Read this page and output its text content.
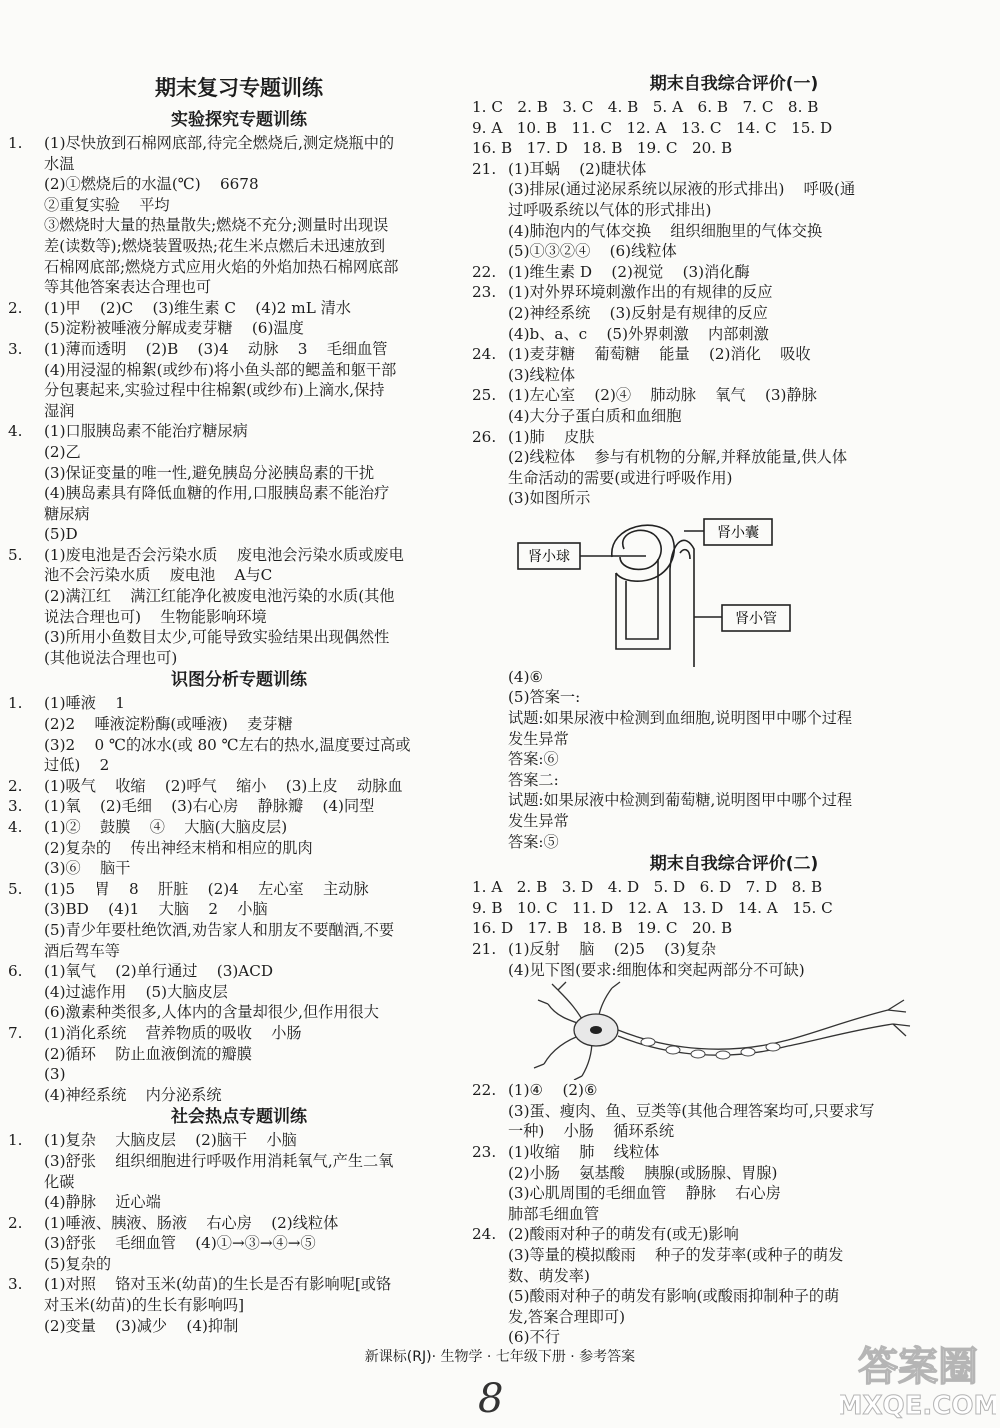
期末复习专题训练
实验探究专题训练
1.	(1)尽快放到石棉网底部,待完全燃烧后,测定烧瓶中的
水温
(2)①燃烧后的水温(℃)    6678
②重复实验    平均
③燃烧时大量的热量散失;燃烧不充分;测量时出现误
差(读数等);燃烧装置吸热;花生米点燃后未迅速放到
石棉网底部;燃烧方式应用火焰的外焰加热石棉网底部
等其他答案表达合理也可
2.	(1)甲    (2)C    (3)维生素 C    (4)2 mL 清水
(5)淀粉被唾液分解成麦芽糖    (6)温度
3.	(1)薄而透明    (2)B    (3)4    动脉    3    毛细血管
(4)用浸湿的棉絮(或纱布)将小鱼头部的鳃盖和躯干部
分包裹起来,实验过程中往棉絮(或纱布)上滴水,保持
湿润
4.	(1)口服胰岛素不能治疗糖尿病
(2)乙
(3)保证变量的唯一性,避免胰岛分泌胰岛素的干扰
(4)胰岛素具有降低血糖的作用,口服胰岛素不能治疗
糖尿病
(5)D
5.	(1)废电池是否会污染水质    废电池会污染水质或废电
池不会污染水质    废电池    A与C
(2)满江红    满江红能净化被废电池污染的水质(其他
说法合理也可)    生物能影响环境
(3)所用小鱼数目太少,可能导致实验结果出现偶然性
(其他说法合理也可)
识图分析专题训练
1.	(1)唾液    1
(2)2    唾液淀粉酶(或唾液)    麦芽糖
(3)2    0 ℃的冰水(或 80 ℃左右的热水,温度要过高或
过低)    2
2.	(1)吸气    收缩    (2)呼气    缩小    (3)上皮    动脉血
3.	(1)氧    (2)毛细    (3)右心房    静脉瓣    (4)同型
4.	(1)②    鼓膜    ④    大脑(大脑皮层)
(2)复杂的    传出神经末梢和相应的肌肉
(3)⑥    脑干
5.	(1)5    胃    8    肝脏    (2)4    左心室    主动脉
(3)BD    (4)1    大脑    2    小脑
(5)青少年要杜绝饮酒,劝告家人和朋友不要酗酒,不要
酒后驾车等
6.	(1)氧气    (2)单行通过    (3)ACD
(4)过滤作用    (5)大脑皮层
(6)激素种类很多,人体内的含量却很少,但作用很大
7.	(1)消化系统    营养物质的吸收    小肠
(2)循环    防止血液倒流的瓣膜
(3)
(4)神经系统    内分泌系统
社会热点专题训练
1.	(1)复杂    大脑皮层    (2)脑干    小脑
(3)舒张    组织细胞进行呼吸作用消耗氧气,产生二氧
化碳
(4)静脉    近心端
2.	(1)唾液、胰液、肠液    右心房    (2)线粒体
(3)舒张    毛细血管    (4)①→③→④→⑤
(5)复杂的
3.	(1)对照    铬对玉米(幼苗)的生长是否有影响呢[或铬
对玉米(幼苗)的生长有影响吗]
(2)变量    (3)减少    (4)抑制
期末自我综合评价(一)
1. C   2. B   3. C   4. B   5. A   6. B   7. C   8. B
9. A   10. B   11. C   12. A   13. C   14. C   15. D
16. B   17. D   18. B   19. C   20. B
21. (1)耳蜗    (2)睫状体
(3)排尿(通过泌尿系统以尿液的形式排出)    呼吸(通
过呼吸系统以气体的形式排出)
(4)肺泡内的气体交换    组织细胞里的气体交换
(5)①③②④    (6)线粒体
22. (1)维生素 D    (2)视觉    (3)消化酶
23. (1)对外界环境刺激作出的有规律的反应
(2)神经系统    (3)反射是有规律的反应
(4)b、a、c    (5)外界刺激    内部刺激
24. (1)麦芽糖    葡萄糖    能量    (2)消化    吸收
(3)线粒体
25. (1)左心室    (2)④    肺动脉    氧气    (3)静脉
(4)大分子蛋白质和血细胞
26. (1)肺    皮肤
(2)线粒体    参与有机物的分解,并释放能量,供人体
生命活动的需要(或进行呼吸作用)
(3)如图所示
肾小球
肾小囊
肾小管
(4)⑥
(5)答案一:
试题:如果尿液中检测到血细胞,说明图甲中哪个过程
发生异常
答案:⑥
答案二:
试题:如果尿液中检测到葡萄糖,说明图甲中哪个过程
发生异常
答案:⑤
期末自我综合评价(二)
1. A   2. B   3. D   4. D   5. D   6. D   7. D   8. B
9. B   10. C   11. D   12. A   13. D   14. A   15. C
16. D   17. B   18. B   19. C   20. B
21. (1)反射    脑    (2)5    (3)复杂
(4)见下图(要求:细胞体和突起两部分不可缺)
22. (1)④    (2)⑥
(3)蛋、瘦肉、鱼、豆类等(其他合理答案均可,只要求写
一种)    小肠    循环系统
23. (1)收缩    肺    线粒体
(2)小肠    氨基酸    胰腺(或肠腺、胃腺)
(3)心肌周围的毛细血管    静脉    右心房
肺部毛细血管
24. (2)酸雨对种子的萌发有(或无)影响
(3)等量的模拟酸雨    种子的发芽率(或种子的萌发
数、萌发率)
(5)酸雨对种子的萌发有影响(或酸雨抑制种子的萌
发,答案合理即可)
(6)不行
新课标(RJ)· 生物学 · 七年级下册 · 参考答案
8
答案圈
MXQE.COM
